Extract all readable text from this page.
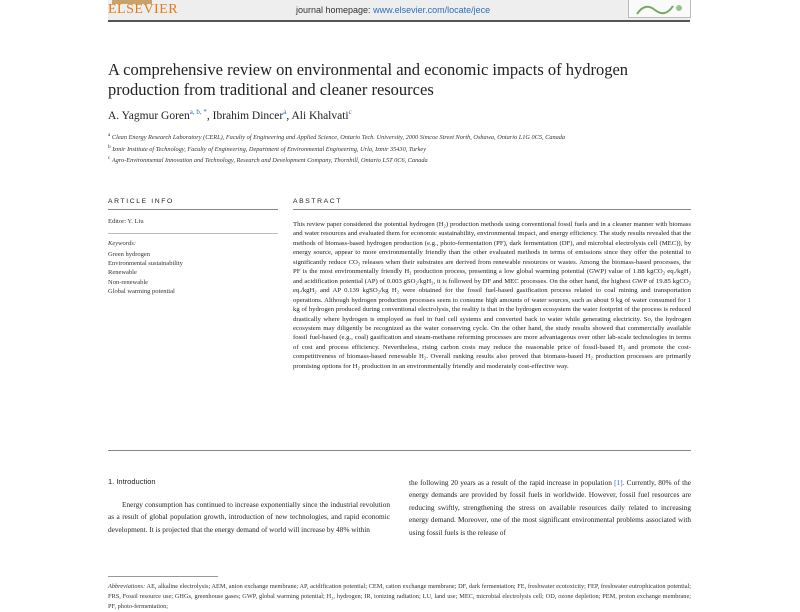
ELSEVIER	journal homepage: www.elsevier.com/locate/jece
A comprehensive review on environmental and economic impacts of hydrogen production from traditional and cleaner resources
A. Yagmur Goren$^{a, b, *}$, Ibrahim Dincer$^a$, Ali Khalvati$^c$

$^a$ Clean Energy Research Laboratory (CERL), Faculty of Engineering and Applied Science, Ontario Tech. University, 2000 Simcoe Street North, Oshawa, Ontario L1G 0C5, Canada

$^b$ Izmir Institute of Technology, Faculty of Engineering, Department of Environmental Engineering, Urla, Izmir 35430, Turkey

$^c$ Agro-Environmental Innovation and Technology, Research and Development Company, Thornhill, Ontario L5T 0C6, Canada

ARTICLE INFO	ABSTRACT
Editor: Y. Liu
Keywords:
Green hydrogen
Environmental sustainability
Renewable
Non-renewable
Global warming potential

This review paper considered the potential hydrogen (H₂) production methods using conventional fossil fuels and in a cleaner manner with biomass and water resources and evaluated them for economic sustainability, environmental impact, and energy efficiency. The study results revealed that the methods of biomass-based hydrogen production (e.g., photo-fermentation (PF), dark fermentation (DF), and microbial electrolysis cell (MEC)), by energy source, appear to more environmentally friendly than the other evaluated methods in terms of emissions since they offer the potential to significantly reduce CO₂ releases when their substrates are derived from renewable resources or wastes. Among the biomass-based processes, the PF is the most environmentally friendly H₂ production process, presenting a low global warming potential (GWP) value of 1.88 kgCO₂ eq./kgH₂ and acidification potential (AP) of 0.003 gSO₂/kgH₂, it is followed by DF and MEC processes. On the other hand, the highest GWP of 19.85 kgCO₂ eq./kgH₂ and AP 0.139 kgSO₂/kg H₂ were obtained for the fossil fuel-based gasification process related to coal mining and transportation operations. Although hydrogen production processes seem to consume high amounts of water sources, such as about 9 kg of water consumed for 1 kg of hydrogen produced during conventional electrolysis, the reality is that in the hydrogen ecosystem the water footprint of the process is reduced drastically where hydrogen is employed as fuel in fuel cell systems and converted back to water while generating electricity. So, the hydrogen ecosystem may diligently be recognized as the water conserving cycle. On the other hand, the study results showed that commercially available fossil fuel-based (e.g., coal) gasification and steam-methane reforming processes are more advantageous over other lab-scale technologies in terms of cost and process efficiency. Nevertheless, rising carbon costs may reduce the reasonable price of fossil-based H₂ and promote the cost-competitiveness of biomass-based renewable H₂. Overall ranking results also proved that biomass-based H₂ production processes are primarily promising options for H₂ production in an environmentally friendly and moderately cost-effective way.

1. Introduction

Energy consumption has continued to increase exponentially since the industrial revolution as a result of global population growth, introduction of new technologies, and rapid economic development. It is projected that the energy demand of world will increase by 48% within

the following 20 years as a result of the rapid increase in population [1]. Currently, 80% of the energy demands are provided by fossil fuels in worldwide. However, fossil fuel resources are reducing swiftly, strengthening the stress on available resources daily related to increasing energy demand. Moreover, one of the most significant environmental problems associated with using fossil fuels is the release of

Abbreviations: AE, alkaline electrolysis; AEM, anion exchange membrane; AP, acidification potential; CEM, cation exchange membrane; DF, dark fermentation; FE, freshwater ecotoxicity; FEP, freshwater eutrophication potential; FRS, Fossil resource use; GHGs, greenhouse gases; GWP, global warming potential; H₂, hydrogen; IR, ionizing radiation; LU, land use; MEC, microbial electrolysis cell; OD, ozone depletion; PEM, proton exchange membrane; PF, photo-fermentation;
